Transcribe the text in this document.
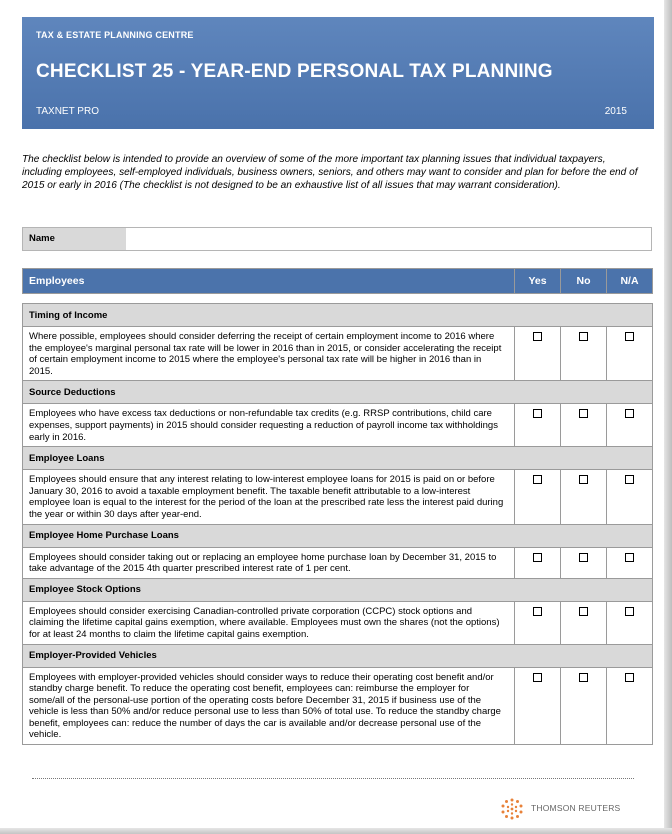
TAX & ESTATE PLANNING CENTRE
CHECKLIST 25 - YEAR-END PERSONAL TAX PLANNING
TAXNET PRO	2015
The checklist below is intended to provide an overview of some of the more important tax planning issues that individual taxpayers, including employees, self-employed individuals, business owners, seniors, and others may want to consider and plan for before the end of 2015 or early in 2016 (The checklist is not designed to be an exhaustive list of all issues that may warrant consideration).
Name
Employees	Yes	No	N/A

Timing of Income			
Where possible, employees should consider deferring the receipt of certain employment income to 2016 where the employee's marginal personal tax rate will be lower in 2016 than in 2015, or consider accelerating the receipt of certain employment income to 2015 where the employee's personal tax rate will be higher in 2016 than in 2015.			
Source Deductions			
Employees who have excess tax deductions or non-refundable tax credits (e.g. RRSP contributions, child care expenses, support payments) in 2015 should consider requesting a reduction of payroll income tax withholdings early in 2016.			
Employee Loans			
Employees should ensure that any interest relating to low-interest employee loans for 2015 is paid on or before January 30, 2016 to avoid a taxable employment benefit. The taxable benefit attributable to a low-interest employee loan is equal to the interest for the period of the loan at the prescribed rate less the interest paid during the year or within 30 days after year-end.			
Employee Home Purchase Loans			
Employees should consider taking out or replacing an employee home purchase loan by December 31, 2015 to take advantage of the 2015 4th quarter prescribed interest rate of 1 per cent.			
Employee Stock Options			
Employees should consider exercising Canadian-controlled private corporation (CCPC) stock options and claiming the lifetime capital gains exemption, where available. Employees must own the shares (not the options) for at least 24 months to claim the lifetime capital gains exemption.			
Employer-Provided Vehicles			
Employees with employer-provided vehicles should consider ways to reduce their operating cost benefit and/or standby charge benefit. To reduce the operating cost benefit, employees can: reimburse the employer for some/all of the personal-use portion of the operating costs before December 31, 2015 if business use of the vehicle is less than 50% and/or reduce personal use to less than 50% of total use. To reduce the standby charge benefit, employees can: reduce the number of days the car is available and/or decrease personal use of the vehicle.			
THOMSON REUTERS
